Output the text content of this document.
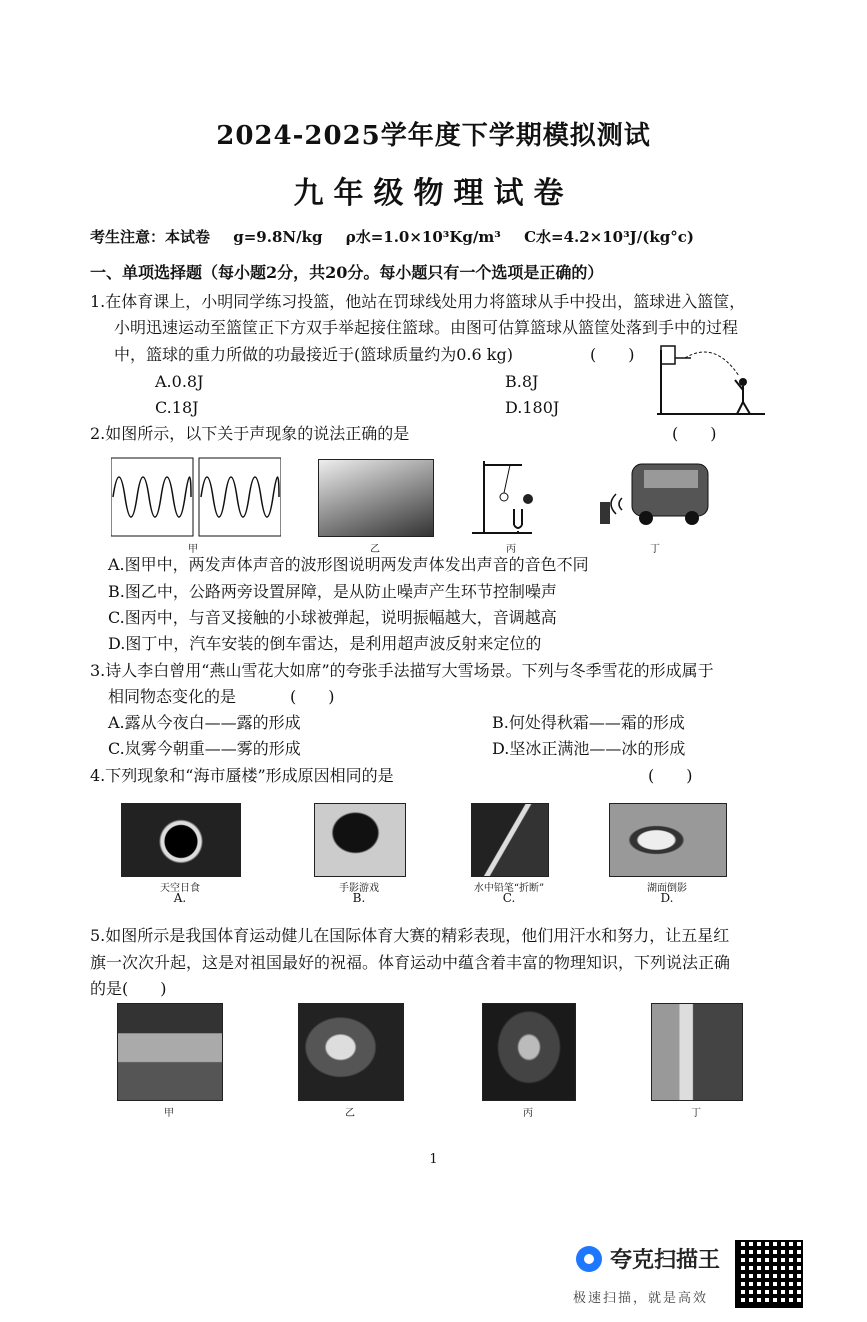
2024-2025学年度下学期模拟测试
九年级物理试卷
考生注意：本试卷 g=9.8N/kg ρ水=1.0×10³Kg/m³ C水=4.2×10³J/(kg°c)
一、单项选择题（每小题2分，共20分。每小题只有一个选项是正确的）
1.在体育课上，小明同学练习投篮，他站在罚球线处用力将篮球从手中投出，篮球进入篮筐，
小明迅速运动至篮筐正下方双手举起接住篮球。由图可估算篮球从篮筐处落到手中的过程
中，篮球的重力所做的功最接近于(篮球质量约为0.6 kg)	(　　)
A.0.8J	B.8J
C.18J	D.180J
2.如图所示，以下关于声现象的说法正确的是	(　　)
甲	乙	丙	丁
A.图甲中，两发声体声音的波形图说明两发声体发出声音的音色不同
B.图乙中，公路两旁设置屏障，是从防止噪声产生环节控制噪声
C.图丙中，与音叉接触的小球被弹起，说明振幅越大，音调越高
D.图丁中，汽车安装的倒车雷达，是利用超声波反射来定位的
3.诗人李白曾用“燕山雪花大如席”的夸张手法描写大雪场景。下列与冬季雪花的形成属于
相同物态变化的是	(　　)
A.露从今夜白——露的形成	B.何处得秋霜——霜的形成
C.岚雾今朝重——雾的形成	D.坚冰正满池——冰的形成
4.下列现象和“海市蜃楼”形成原因相同的是	(　　)
天空日食
A.
手影游戏
B.
水中铅笔“折断”
C.
湖面倒影
D.
5.如图所示是我国体育运动健儿在国际体育大赛的精彩表现，他们用汗水和努力，让五星红
旗一次次升起，这是对祖国最好的祝福。体育运动中蕴含着丰富的物理知识，下列说法正确
的是(　　)
甲	乙	丙	丁
1
夸克扫描王
极速扫描，就是高效
